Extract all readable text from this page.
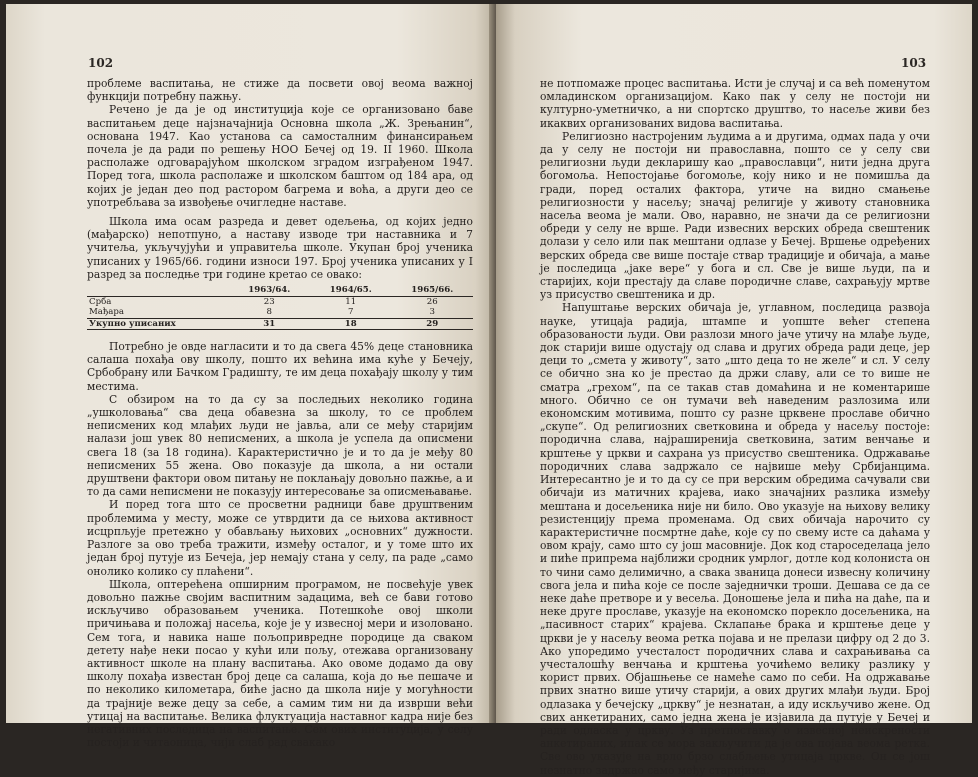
102

проблеме васпитања, не стиже да посвети овој веома важној функцији потребну пажњу.

Речено је да је од институција које се организовано баве васпитањем деце најзначајнија Основна школа „Ж. Зрењанин“, основана 1947. Као установа са самосталним финансирањем почела је да ради по решењу НОО Бечеј од 19. II 1960. Школа располаже одговарајућом школском зградом изграђеном 1947. Поред тога, школа располаже и школском баштом од 184 ара, од којих је један део под растором багрема и воћа, а други део се употребљава за извођење очигледне наставе.

Школа има осам разреда и девет одељења, од којих једно (мађарско) непотпуно, а наставу изводе три наставника и 7 учитеља, укључујући и управитеља школе. Укупан број ученика уписаних у 1965/66. години износи 197. Број ученика уписаних у I разред за последње три године кретао се овако:

	1963/64.	1964/65.	1965/66.
Срба	23	11	26
Мађара	8	7	3
Укупно уписаних	31	18	29

Потребно је овде нагласити и то да свега 45% деце становника салаша похађа ову школу, пошто их већина има куће у Бечеју, Србобрану или Бачком Градишту, те им деца похађају школу у тим местима.

С обзиром на то да су за последњих неколико година „ушколовања“ сва деца обавезна за школу, то се проблем неписмених код млађих људи не јавља, али се међу старијим налази још увек 80 неписмених, а школа је успела да описмени свега 18 (за 18 година). Карактеристично је и то да је међу 80 неписмених 55 жена. Ово показује да школа, а ни остали друштвени фактори овом питању не поклањају довољно пажње, а и то да сами неписмени не показују интересовање за описмењавање.

И поред тога што се просветни радници баве друштвеним проблемима у месту, може се утврдити да се њихова активност исцрпљује претежно у обављању њихових „основних“ дужности. Разлоге за ово треба тражити, између осталог, и у томе што их један број путује из Бечеја, јер немају стана у селу, па раде „само онолико колико су плаћени“.

Школа, оптерећена опширним програмом, не посвећује увек довољно пажње својим васпитним задацима, већ се бави готово искључиво образовањем ученика. Потешкоће овој школи причињава и положај насеља, које је у извесној мери и изоловано. Сем тога, и навика наше пољопривредне породице да сваком детету нађе неки посао у кући или пољу, отежава организовану активност школе на плану васпитања. Ако овоме додамо да ову школу похађа известан број деце са салаша, која до ње пешаче и по неколико километара, биће јасно да школа није у могућности да трајније веже децу за себе, а самим тим ни да изврши већи утицај на васпитање. Велика флуктуација наставног кадра није без негативних последица на васпитање. Сем ових институција, у селу постоји и читаоница, чији слаб рад свакако

103

не потпомаже процес васпитања. Исти је случај и са већ поменутом омладинском организацијом. Како пак у селу не постоји ни културно-уметничко, а ни спортско друштво, то насеље живи без икаквих организованих видова васпитања.

Религиозно настројеним људима а и другима, одмах пада у очи да у селу не постоји ни православна, пошто се у селу сви религиозни људи декларишу као „православци“, нити једна друга богомоља. Непостојање богомоље, коју нико и не помишља да гради, поред осталих фактора, утиче на видно смањење религиозности у насељу; значај религије у животу становника насеља веома је мали. Ово, наравно, не значи да се религиозни обреди у селу не врше. Ради извесних верских обреда свештеник долази у село или пак мештани одлазе у Бечеј. Вршење одређених верских обреда све више постаје ствар традиције и обичаја, а мање је последица „јаке вере“ у бога и сл. Све је више људи, па и старијих, који престају да славе породичне славе, сахрањују мртве уз присуство свештеника и др.

Напуштање верских обичаја је, углавном, последица развоја науке, утицаја радија, штампе и уопште већег степена образованости људи. Ови разлози много јаче утичу на млађе људе, док старији више одустају од слава и других обреда ради деце, јер деци то „смета у животу“, зато „што деца то не желе“ и сл. У селу се обично зна ко је престао да држи славу, али се то више не сматра „грехом“, па се такав став домаћина и не коментарише много. Обично се он тумачи већ наведеним разлозима или економским мотивима, пошто су разне црквене прославе обично „скупе“. Од религиозних светковина и обреда у насељу постоје: породична слава, најраширенија светковина, затим венчање и крштење у цркви и сахрана уз присуство свештеника. Одржавање породичних слава задржало се највише међу Србијанцима. Интересантно је и то да су се при верским обредима сачували сви обичаји из матичних крајева, иако значајних разлика између мештана и досељеника није ни било. Ово указује на њихову велику резистенцију према променама. Од свих обичаја нарочито су карактеристичне посмртне даће, које су по свему исте са даћама у овом крају, само што су још масовније. Док код староседелаца јело и пиће припрема најближи сродник умрлог, дотле код колониста он то чини само делимично, а свака званица донеси извесну количину свога јела и пића које се после заједнички троши. Дешава се да се неке даће претворе и у весеља. Доношење јела и пића на даће, па и неке друге прославе, указује на економско порекло досељеника, на „пасивност старих“ крајева. Склапање брака и крштење деце у цркви је у насељу веома ретка појава и не прелази цифру од 2 до 3. Ако упоредимо учесталост породичних слава и сахрањивања са учесталошћу венчања и крштења уочићемо велику разлику у корист првих. Објашњење се намеће само по себи. На одржавање првих знатно више утичу старији, а ових других млађи људи. Број одлазака у бечејску „цркву“ је незнатан, а иду искључиво жене. Од свих анкетираних, само једна жена је изјавила да путује у Бечеј и ради одласка у цркву. Уз претпоставку о извесној неискрености анкетираних, ипак се мора закључити да је ова појава веома ретка. Све ово указује на врло брзо слабљење утицаја цркве. Он се још незнатно задржао само међу старијима.
